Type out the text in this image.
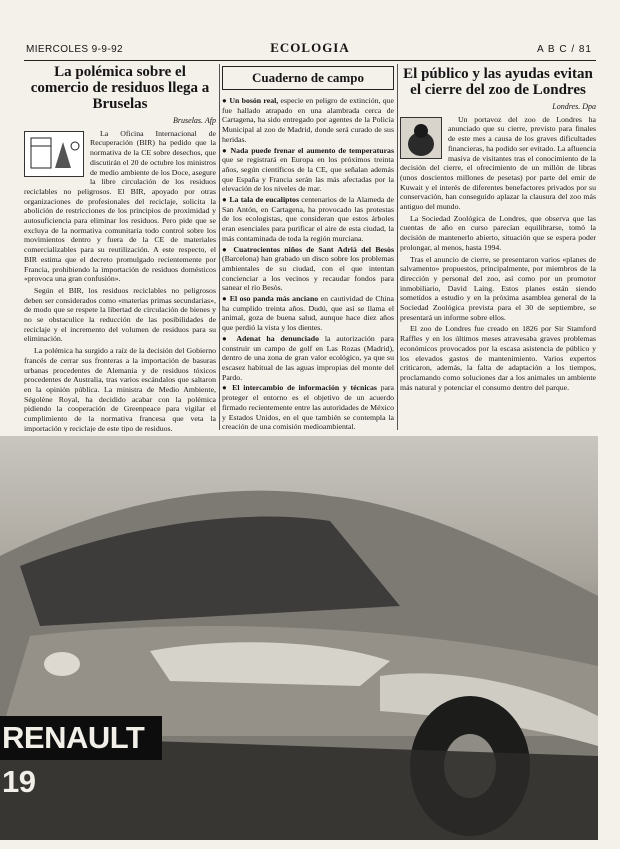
MIERCOLES 9-9-92	ECOLOGIA	A B C / 81
La polémica sobre el comercio de residuos llega a Bruselas
Bruselas. Afp

La Oficina Internacional de Recuperación (BIR) ha pedido que la normativa de la CE sobre desechos, que discutirán el 20 de octubre los ministros de medio ambiente de los Doce, asegure la libre circulación de los residuos reciclables no peligrosos. El BIR, apoyado por otras organizaciones de profesionales del reciclaje, solicita la abolición de restricciones de los principios de proximidad y autosuficiencia para eliminar los residuos. Pero pide que se excluya de la normativa comunitaria todo control sobre los movimientos dentro y fuera de la CE de materiales comercializables para su reutilización. A este respecto, el BIR estima que el decreto promulgado recientemente por Francia, prohibiendo la importación de residuos domésticos «provoca una gran confusión».

Según el BIR, los residuos reciclables no peligrosos deben ser considerados como «materias primas secundarias», de modo que se respete la libertad de circulación de bienes y no se obstaculice la reducción de las posibilidades de reciclaje y el incremento del volumen de residuos para su eliminación.

La polémica ha surgido a raíz de la decisión del Gobierno francés de cerrar sus fronteras a la importación de basuras urbanas procedentes de Alemania y de residuos tóxicos procedentes de Australia, tras varios escándalos que saltaron en la opinión pública. La ministra de Medio Ambiente, Ségolène Royal, ha decidido acabar con la polémica pidiendo la cooperación de Greenpeace para vigilar el cumplimiento de la normativa francesa que veta la importación y reciclaje de este tipo de residuos.

Cuaderno de campo
● Un bosón real, especie en peligro de extinción, que fue hallado atrapado en una alambrada cerca de Cartagena, ha sido entregado por agentes de la Policía Municipal al zoo de Madrid, donde será curado de sus heridas.
● Nada puede frenar el aumento de temperaturas que se registrará en Europa en los próximos treinta años, según científicos de la CE, que señalan además que España y Francia serán las más afectadas por la elevación de los niveles de mar.
● La tala de eucaliptos centenarios de la Alameda de San Antón, en Cartagena, ha provocado las protestas de los ecologistas, que consideran que estos árboles eran esenciales para purificar el aire de esta ciudad, la más contaminada de toda la región murciana.
● Cuatrocientos niños de Sant Adrià del Besòs (Barcelona) han grabado un disco sobre los problemas ambientales de su ciudad, con el que intentan concienciar a los vecinos y recaudar fondos para sanear el río Besòs.
● El oso panda más anciano en cautividad de China ha cumplido treinta años. Dudú, que así se llama el animal, goza de buena salud, aunque hace diez años que perdió la vista y los dientes.
● Adenat ha denunciado la autorización para construir un campo de golf en Las Rozas (Madrid), dentro de una zona de gran valor ecológico, ya que su escasez habitual de las aguas impropias del monte del Pardo.
● El intercambio de información y técnicas para proteger el entorno es el objetivo de un acuerdo firmado recientemente entre las autoridades de México y Estados Unidos, en el que también se contempla la creación de una comisión medioambiental.
El público y las ayudas evitan el cierre del zoo de Londres
Londres. Dpa

Un portavoz del zoo de Londres ha anunciado que su cierre, previsto para finales de este mes a causa de los graves dificultades financieras, ha podido ser evitado. La afluencia masiva de visitantes tras el conocimiento de la decisión del cierre, el ofrecimiento de un millón de libras (unos doscientos millones de pesetas) por parte del emir de Kuwait y el interés de diferentes benefactores privados por su conservación, han conseguido aplazar la clausura del zoo más antiguo del mundo.

La Sociedad Zoológica de Londres, que observa que las cuentas de año en curso parecían equilibrarse, tomó la decisión de mantenerlo abierto, situación que se espera poder prolongar, al menos, hasta 1994.

Tras el anuncio de cierre, se presentaron varios «planes de salvamento» propuestos, principalmente, por miembros de la dirección y personal del zoo, así como por un promotor inmobiliario, David Laing. Estos planes están siendo sometidos a estudio y en la próxima asamblea general de la Sociedad Zoológica prevista para el 30 de septiembre, se presentará un informe sobre ellos.

El zoo de Londres fue creado en 1826 por Sir Stamford Raffles y en los últimos meses atravesaba graves problemas económicos provocados por la escasa asistencia de público y los elevados gastos de mantenimiento. Varios expertos criticaron, además, la falta de adaptación a los tiempos, proclamando como soluciones dar a los animales un ambiente más natural y potenciar el consumo dentro del parque.

RENAULT 19
